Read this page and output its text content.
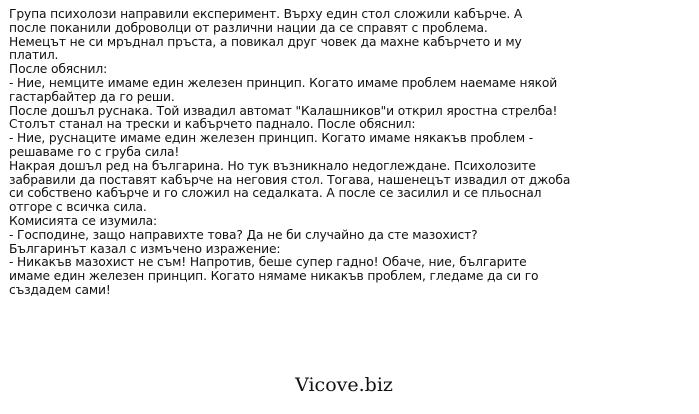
Група психолози направили експеримент. Върху един стол сложили кабърче. А
после поканили доброволци от различни нации да се справят с проблема.
Немецът не си мръднал пръста, а повикал друг човек да махне кабърчето и му
платил.
После обяснил:
- Ние, немците имаме един железен принцип. Когато имаме проблем наемаме някой
гастарбайтер да го реши.
После дошъл руснака. Той извадил автомат "Калашников"и открил яростна стрелба!
Столът станал на трески и кабърчето паднало. После обяснил:
- Ние, руснаците имаме един железен принцип. Когато имаме някакъв проблем -
решаваме го с груба сила!
Накрая дошъл ред на българина. Но тук възникнало недоглеждане. Психолозите
забравили да поставят кабърче на неговия стол. Тогава, нашенецът извадил от джоба
си собствено кабърче и го сложил на седалката. А после се засилил и се пльоснал
отгоре с всичка сила.
Комисията се изумила:
- Господине, защо направихте това? Да не би случайно да сте мазохист?
Българинът казал с измъчено изражение:
- Никакъв мазохист не съм! Напротив, беше супер гадно! Обаче, ние, българите
имаме един железен принцип. Когато нямаме никакъв проблем, гледаме да си го
създадем сами!
Vicove.biz
